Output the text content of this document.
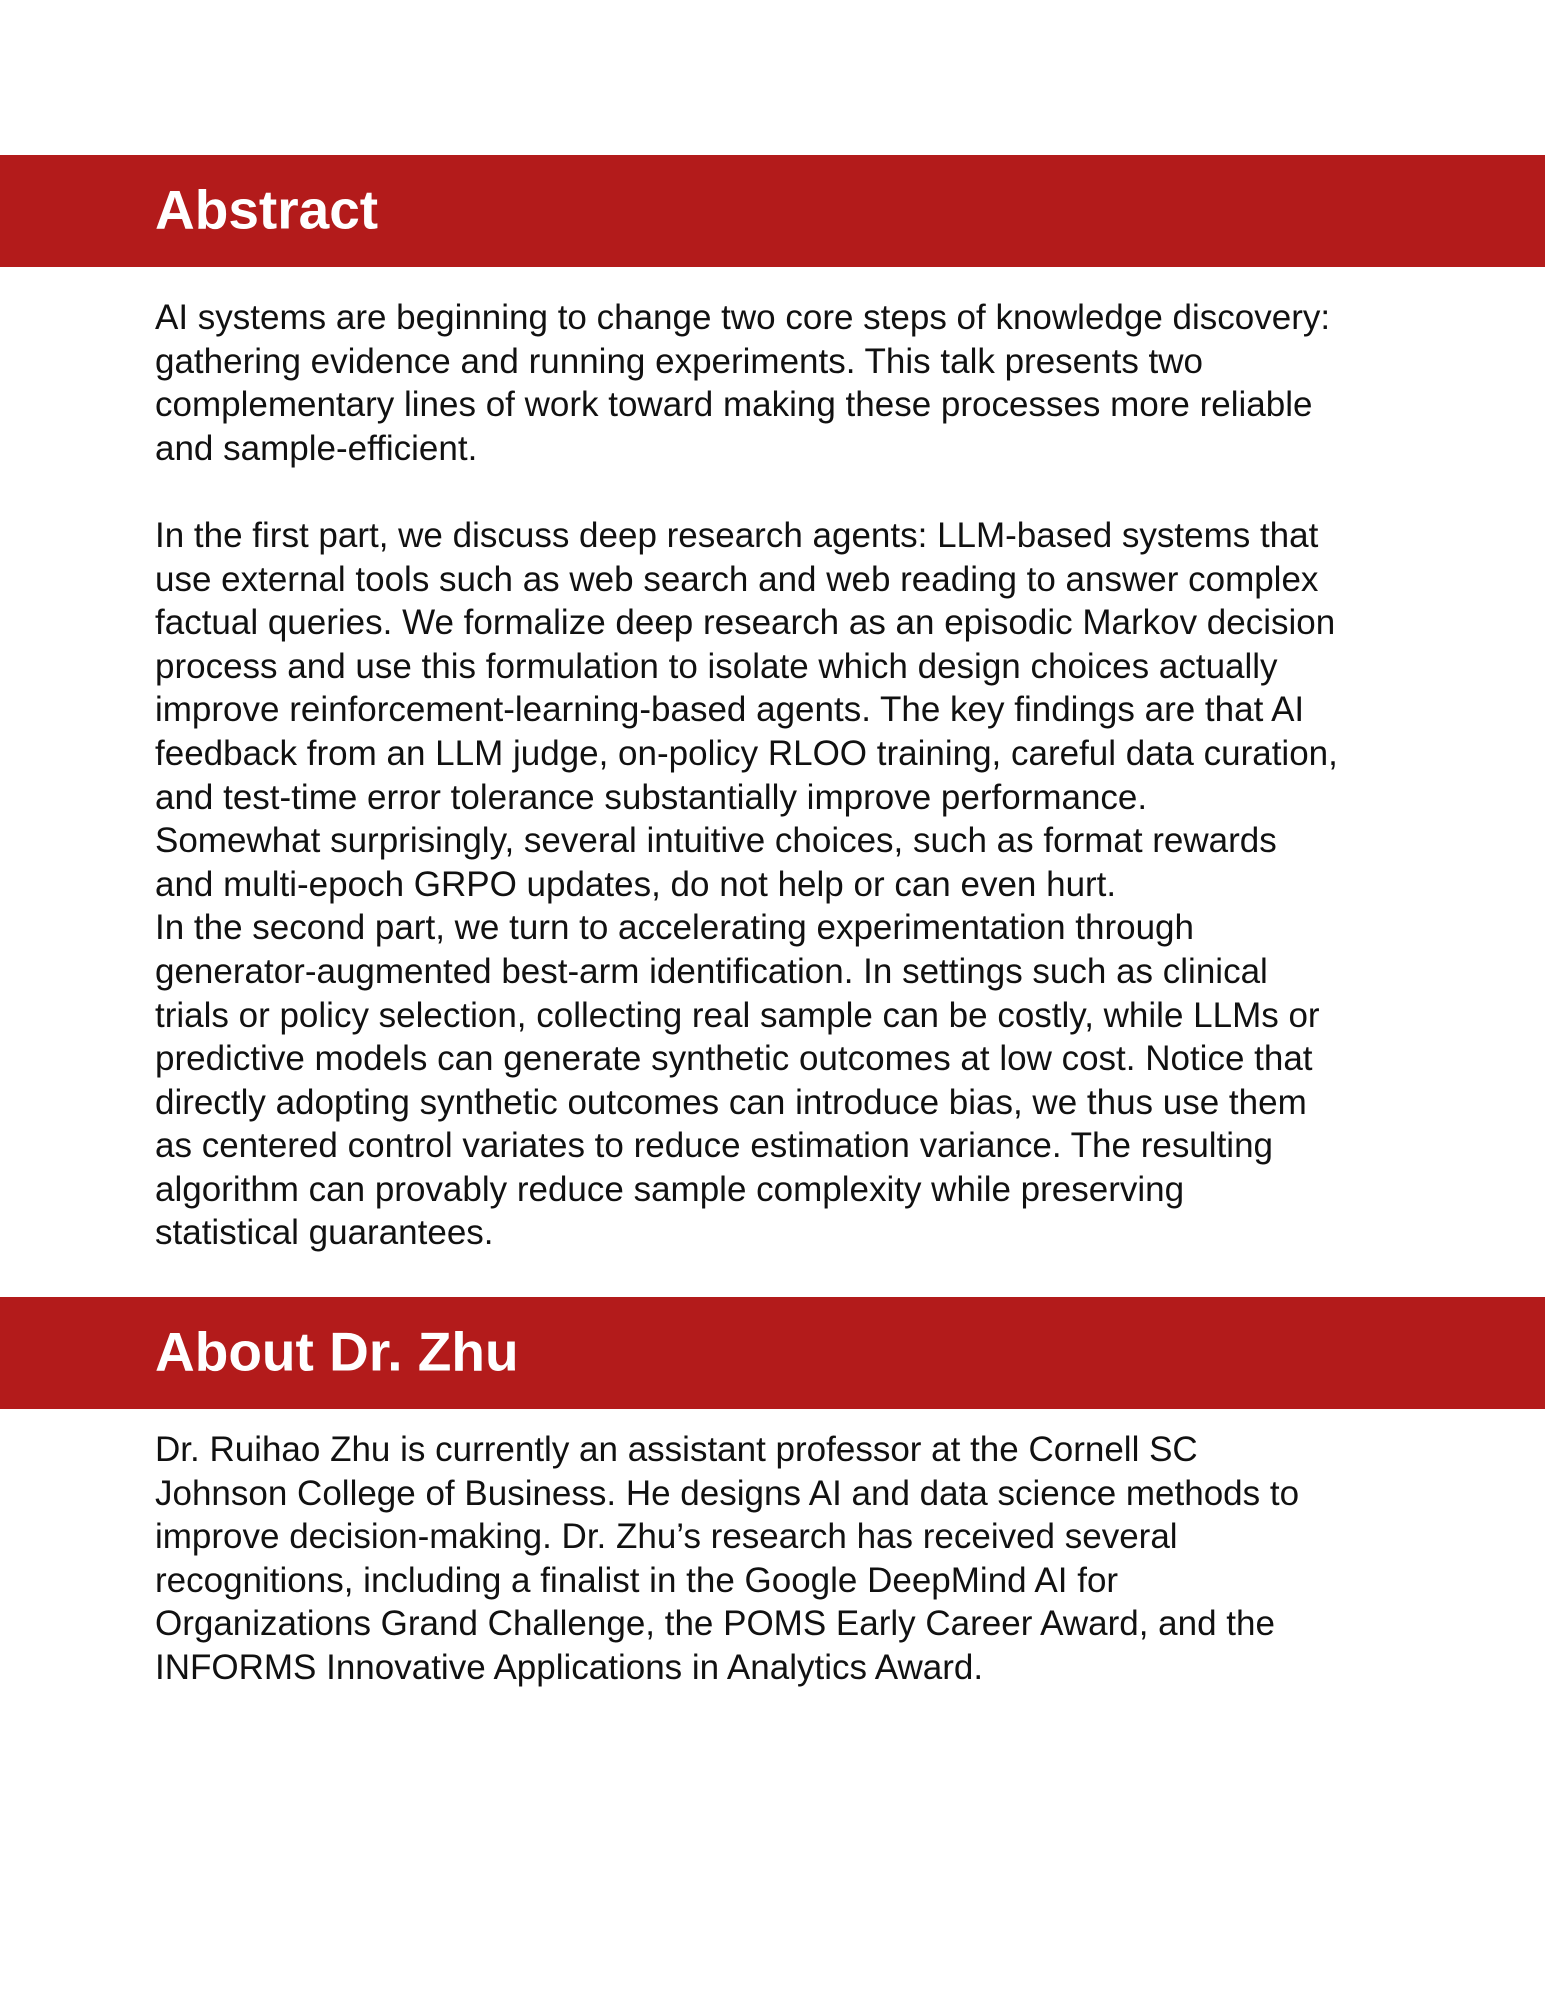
Abstract

AI systems are beginning to change two core steps of knowledge discovery:
gathering evidence and running experiments. This talk presents two
complementary lines of work toward making these processes more reliable
and sample-efficient.

In the first part, we discuss deep research agents: LLM-based systems that
use external tools such as web search and web reading to answer complex
factual queries. We formalize deep research as an episodic Markov decision
process and use this formulation to isolate which design choices actually
improve reinforcement-learning-based agents. The key findings are that AI
feedback from an LLM judge, on-policy RLOO training, careful data curation,
and test-time error tolerance substantially improve performance.
Somewhat surprisingly, several intuitive choices, such as format rewards
and multi-epoch GRPO updates, do not help or can even hurt.

In the second part, we turn to accelerating experimentation through
generator-augmented best-arm identification. In settings such as clinical
trials or policy selection, collecting real sample can be costly, while LLMs or
predictive models can generate synthetic outcomes at low cost. Notice that
directly adopting synthetic outcomes can introduce bias, we thus use them
as centered control variates to reduce estimation variance. The resulting
algorithm can provably reduce sample complexity while preserving
statistical guarantees.

About Dr. Zhu

Dr. Ruihao Zhu is currently an assistant professor at the Cornell SC
Johnson College of Business. He designs AI and data science methods to
improve decision-making. Dr. Zhu’s research has received several
recognitions, including a finalist in the Google DeepMind AI for
Organizations Grand Challenge, the POMS Early Career Award, and the
INFORMS Innovative Applications in Analytics Award.
